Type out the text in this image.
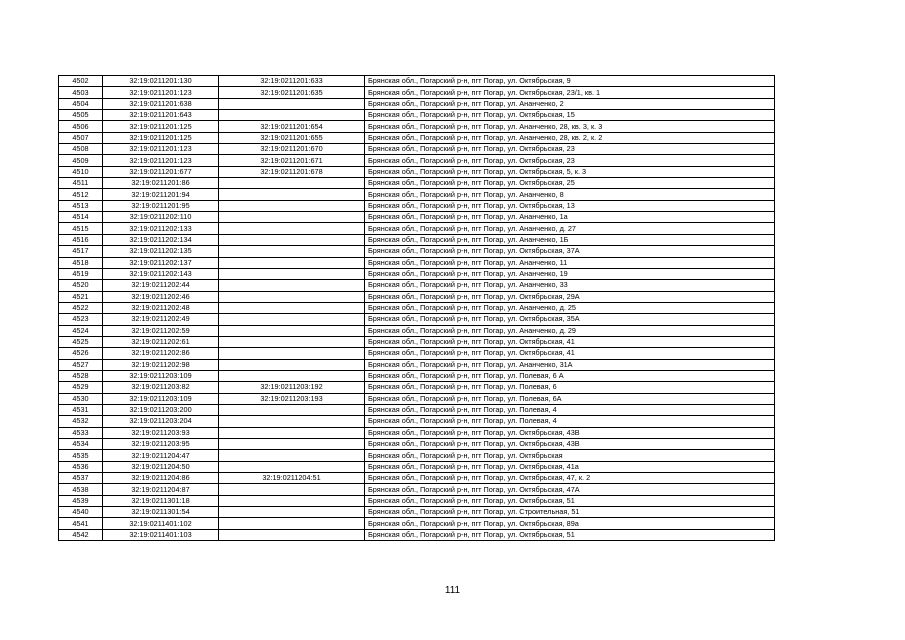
4502	32:19:0211201:130	32:19:0211201:633	Брянская обл., Погарский р-н, пгт Погар, ул. Октябрьская, 9
4503	32:19:0211201:123	32:19:0211201:635	Брянская обл., Погарский р-н, пгт Погар, ул. Октябрьская, 23/1, кв. 1
4504	32:19:0211201:638		Брянская обл., Погарский р-н, пгт Погар, ул. Ананченко, 2
4505	32:19:0211201:643		Брянская обл., Погарский р-н, пгт Погар, ул. Октябрьская, 15
4506	32:19:0211201:125	32:19:0211201:654	Брянская обл., Погарский р-н, пгт Погар, ул. Ананченко, 28, кв. 3, к. 3
4507	32:19:0211201:125	32:19:0211201:655	Брянская обл., Погарский р-н, пгт Погар, ул. Ананченко, 28, кв. 2, к. 2
4508	32:19:0211201:123	32:19:0211201:670	Брянская обл., Погарский р-н, пгт Погар, ул. Октябрьская, 23
4509	32:19:0211201:123	32:19:0211201:671	Брянская обл., Погарский р-н, пгт Погар, ул. Октябрьская, 23
4510	32:19:0211201:677	32:19:0211201:678	Брянская обл., Погарский р-н, пгт Погар, ул. Октябрьская, 5, к. 3
4511	32:19:0211201:86		Брянская обл., Погарский р-н, пгт Погар, ул. Октябрьская, 25
4512	32:19:0211201:94		Брянская обл., Погарский р-н, пгт Погар, ул. Ананченко, 8
4513	32:19:0211201:95		Брянская обл., Погарский р-н, пгт Погар, ул. Октябрьская, 13
4514	32:19:0211202:110		Брянская обл., Погарский р-н, пгт Погар, ул. Ананченко, 1а
4515	32:19:0211202:133		Брянская обл., Погарский р-н, пгт Погар, ул. Ананченко, д. 27
4516	32:19:0211202:134		Брянская обл., Погарский р-н, пгт Погар, ул. Ананченко, 1Б
4517	32:19:0211202:135		Брянская обл., Погарский р-н, пгт Погар, ул. Октябрьская, 37А
4518	32:19:0211202:137		Брянская обл., Погарский р-н, пгт Погар, ул. Ананченко, 11
4519	32:19:0211202:143		Брянская обл., Погарский р-н, пгт Погар, ул. Ананченко, 19
4520	32:19:0211202:44		Брянская обл., Погарский р-н, пгт Погар, ул. Ананченко, 33
4521	32:19:0211202:46		Брянская обл., Погарский р-н, пгт Погар, ул. Октябрьская, 29А
4522	32:19:0211202:48		Брянская обл., Погарский р-н, пгт Погар, ул. Ананченко, д. 25
4523	32:19:0211202:49		Брянская обл., Погарский р-н, пгт Погар, ул. Октябрьская, 35А
4524	32:19:0211202:59		Брянская обл., Погарский р-н, пгт Погар, ул. Ананченко, д. 29
4525	32:19:0211202:61		Брянская обл., Погарский р-н, пгт Погар, ул. Октябрьская, 41
4526	32:19:0211202:86		Брянская обл., Погарский р-н, пгт Погар, ул. Октябрьская, 41
4527	32:19:0211202:98		Брянская обл., Погарский р-н, пгт Погар, ул. Ананченко, 31А
4528	32:19:0211203:109		Брянская обл., Погарский р-н, пгт Погар, ул. Полевая, 6 А
4529	32:19:0211203:82	32:19:0211203:192	Брянская обл., Погарский р-н, пгт Погар, ул. Полевая, 6
4530	32:19:0211203:109	32:19:0211203:193	Брянская обл., Погарский р-н, пгт Погар, ул. Полевая, 6А
4531	32:19:0211203:200		Брянская обл., Погарский р-н, пгт Погар, ул. Полевая, 4
4532	32:19:0211203:204		Брянская обл., Погарский р-н, пгт Погар, ул. Полевая, 4
4533	32:19:0211203:93		Брянская обл., Погарский р-н, пгт Погар, ул. Октябрьская, 43В
4534	32:19:0211203:95		Брянская обл., Погарский р-н, пгт Погар, ул. Октябрьская, 43В
4535	32:19:0211204:47		Брянская обл., Погарский р-н, пгт Погар, ул. Октябрьская
4536	32:19:0211204:50		Брянская обл., Погарский р-н, пгт Погар, ул. Октябрьская, 41а
4537	32:19:0211204:86	32:19:0211204:51	Брянская обл., Погарский р-н, пгт Погар, ул. Октябрьская, 47, к. 2
4538	32:19:0211204:87		Брянская обл., Погарский р-н, пгт Погар, ул. Октябрьская, 47А
4539	32:19:0211301:18		Брянская обл., Погарский р-н, пгт Погар, ул. Октябрьская, 51
4540	32:19:0211301:54		Брянская обл., Погарский р-н, пгт Погар, ул. Строительная, 51
4541	32:19:0211401:102		Брянская обл., Погарский р-н, пгт Погар, ул. Октябрьская, 89а
4542	32:19:0211401:103		Брянская обл., Погарский р-н, пгт Погар, ул. Октябрьская, 51
111
